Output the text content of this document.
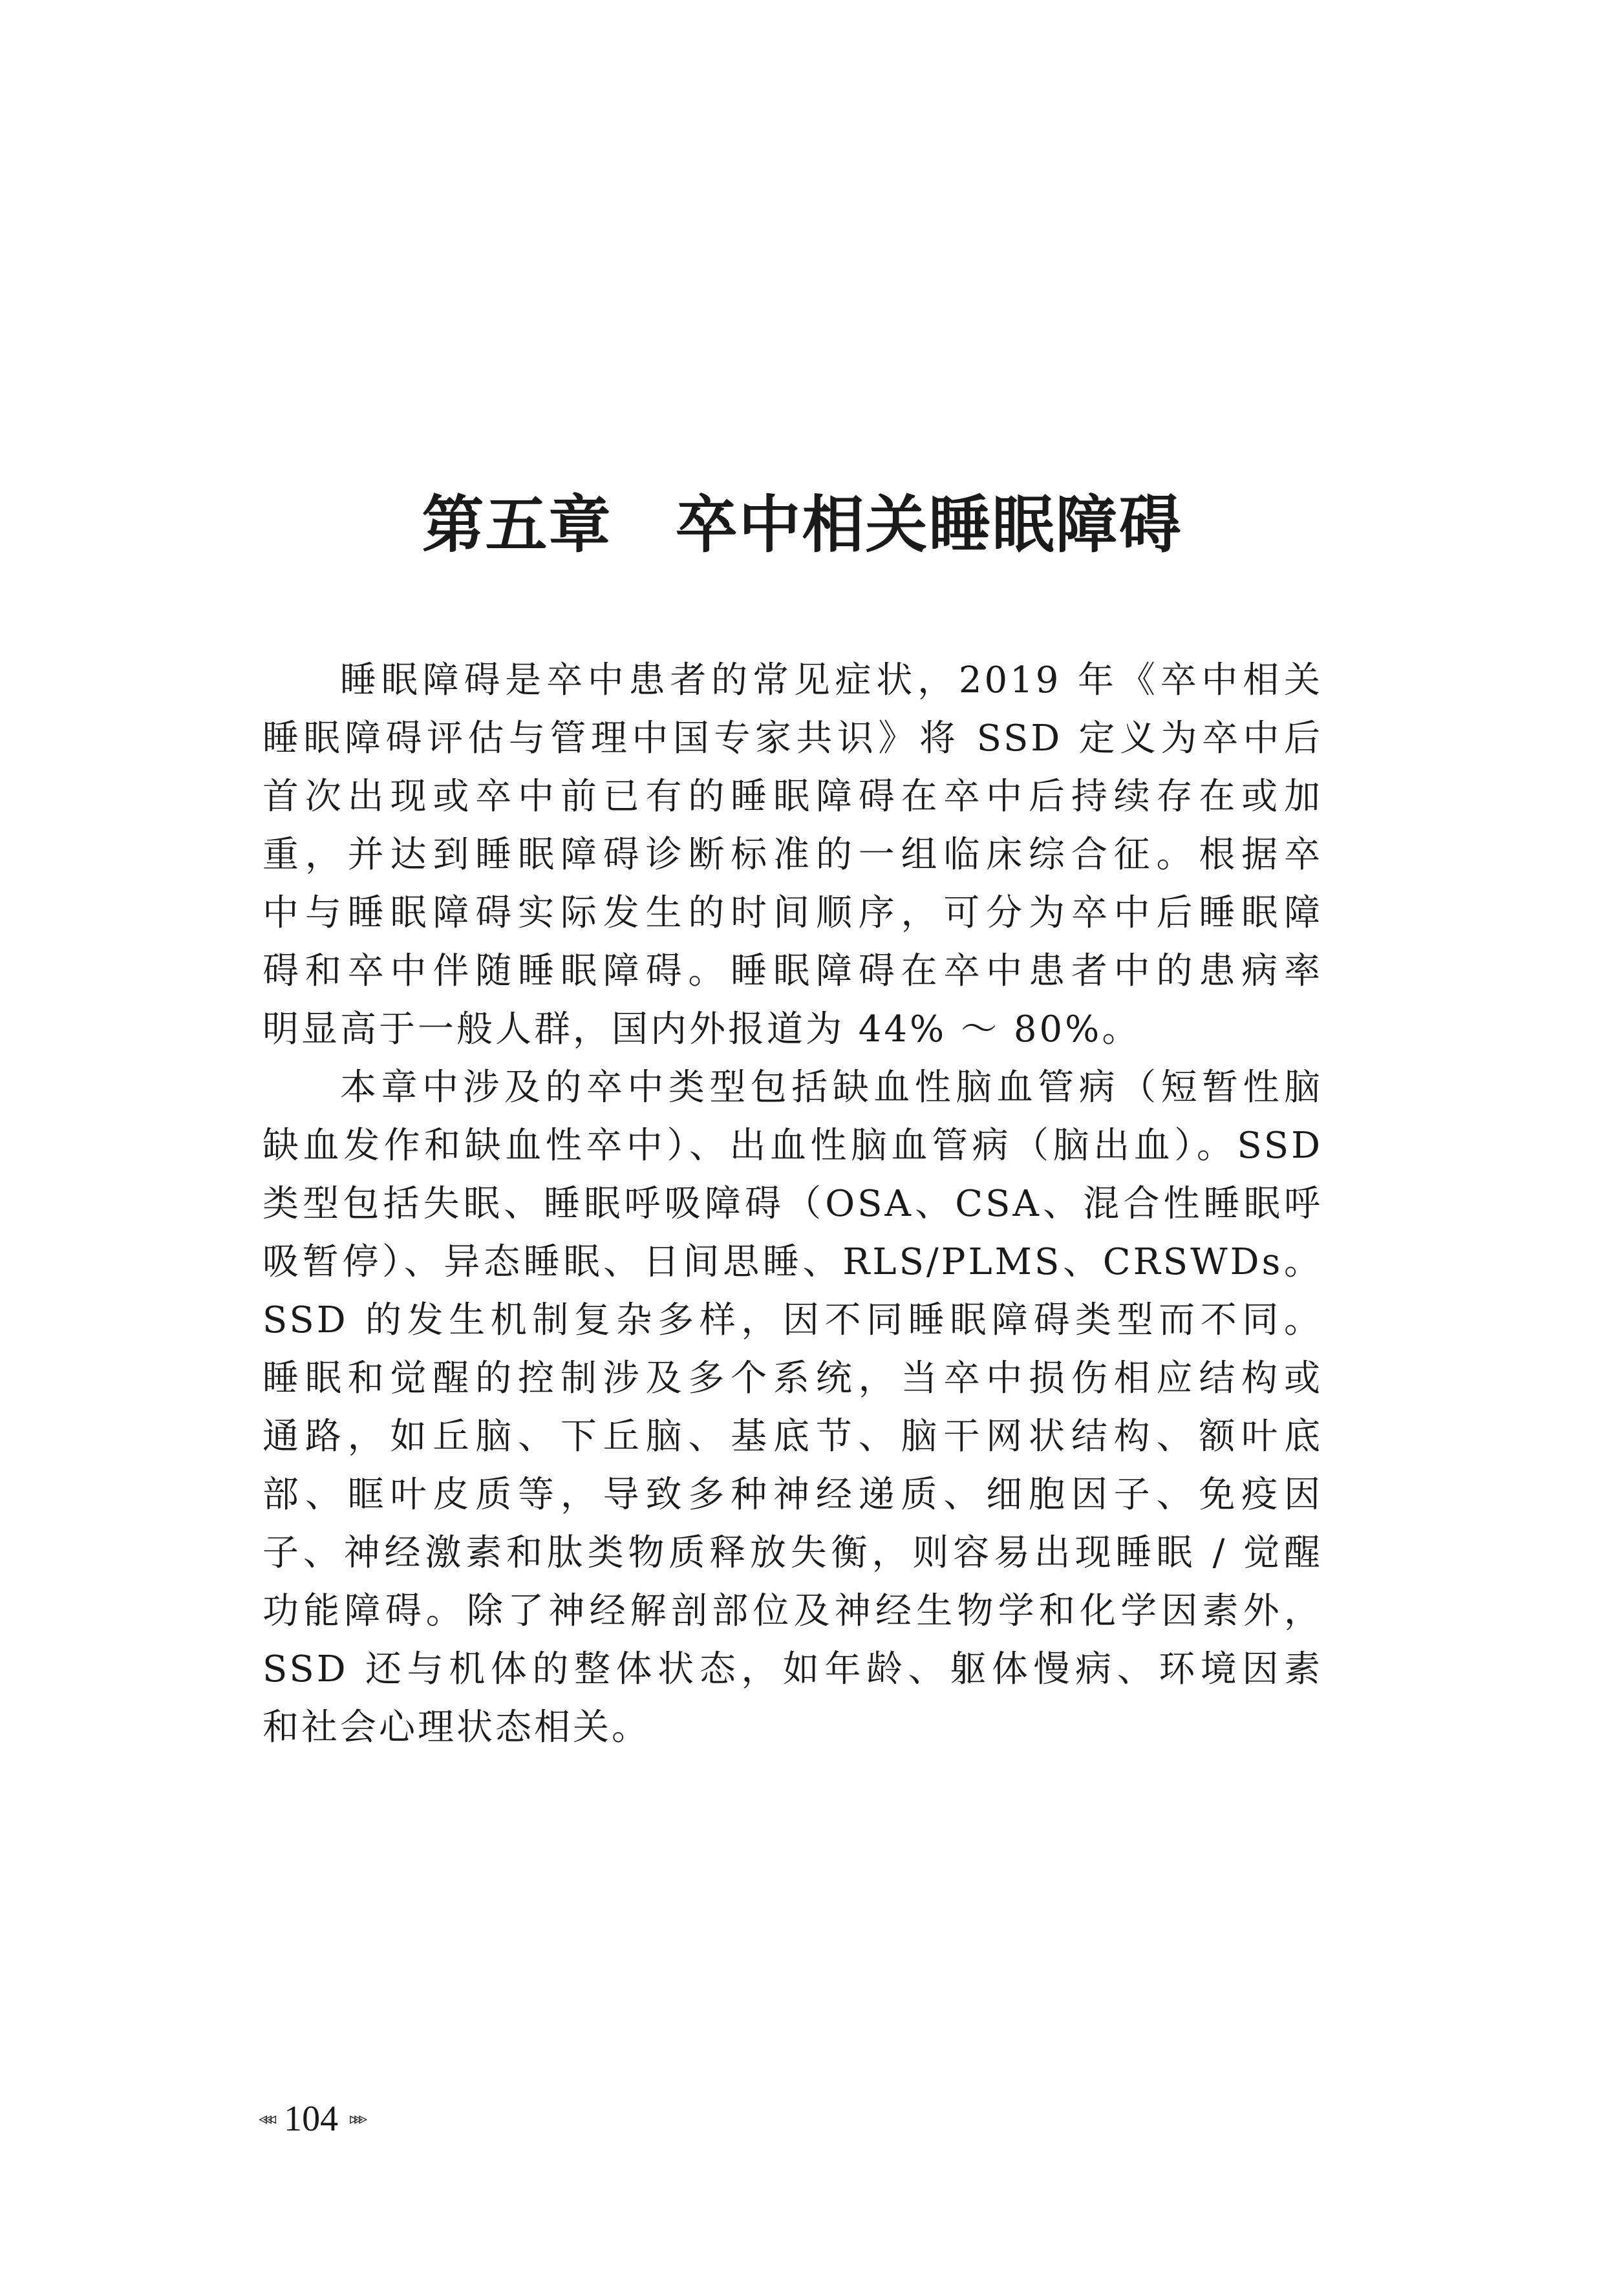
第五章　卒中相关睡眠障碍
睡眠障碍是卒中患者的常见症状，2019 年《卒中相关
睡眠障碍评估与管理中国专家共识》将 SSD 定义为卒中后
首次出现或卒中前已有的睡眠障碍在卒中后持续存在或加
重，并达到睡眠障碍诊断标准的一组临床综合征。根据卒
中与睡眠障碍实际发生的时间顺序，可分为卒中后睡眠障
碍和卒中伴随睡眠障碍。睡眠障碍在卒中患者中的患病率
明显高于一般人群，国内外报道为 44% ～ 80%。
本章中涉及的卒中类型包括缺血性脑血管病（短暂性脑
缺血发作和缺血性卒中）、出血性脑血管病（脑出血）。SSD
类型包括失眠、睡眠呼吸障碍（OSA、CSA、混合性睡眠呼
吸暂停）、异态睡眠、日间思睡、RLS/PLMS、CRSWDs。
SSD 的发生机制复杂多样，因不同睡眠障碍类型而不同。
睡眠和觉醒的控制涉及多个系统，当卒中损伤相应结构或
通路，如丘脑、下丘脑、基底节、脑干网状结构、额叶底
部、眶叶皮质等，导致多种神经递质、细胞因子、免疫因
子、神经激素和肽类物质释放失衡，则容易出现睡眠 / 觉醒
功能障碍。除了神经解剖部位及神经生物学和化学因素外，
SSD 还与机体的整体状态，如年龄、躯体慢病、环境因素
和社会心理状态相关。
◃◃◃ 104 ▹▹▹
